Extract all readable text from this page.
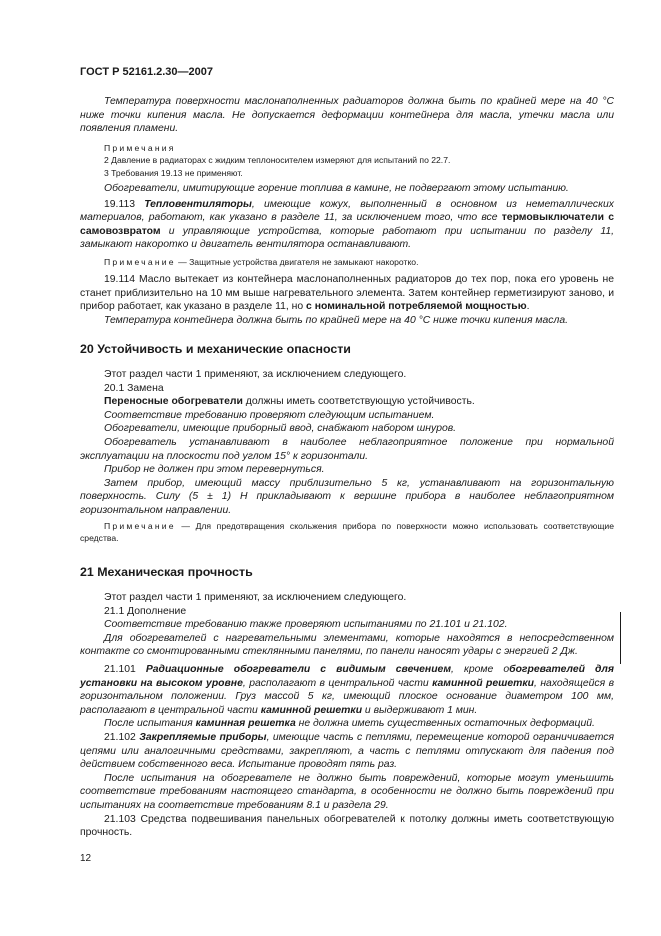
ГОСТ Р 52161.2.30—2007

Температура поверхности маслонаполненных радиаторов должна быть по крайней мере на 40 °С ниже точки кипения масла. Не допускается деформации контейнера для масла, утечки масла или появления пламени.

Примечания

2 Давление в радиаторах с жидким теплоносителем измеряют для испытаний по 22.7.

3 Требования 19.13 не применяют.

Обогреватели, имитирующие горение топлива в камине, не подвергают этому испытанию.

19.113 Тепловентиляторы, имеющие кожух, выполненный в основном из неметаллических материалов, работают, как указано в разделе 11, за исключением того, что все термовыключатели с самовозвратом и управляющие устройства, которые работают при испытании по разделу 11, замыкают накоротко и двигатель вентилятора останавливают.

Примечание — Защитные устройства двигателя не замыкают накоротко.

19.114 Масло вытекает из контейнера маслонаполненных радиаторов до тех пор, пока его уровень не станет приблизительно на 10 мм выше нагревательного элемента. Затем контейнер герметизируют заново, и прибор работает, как указано в разделе 11, но с номинальной потребляемой мощностью.

Температура контейнера должна быть по крайней мере на 40 °С ниже точки кипения масла.

20 Устойчивость и механические опасности

Этот раздел части 1 применяют, за исключением следующего.

20.1 Замена

Переносные обогреватели должны иметь соответствующую устойчивость.

Соответствие требованию проверяют следующим испытанием.

Обогреватели, имеющие приборный ввод, снабжают набором шнуров.

Обогреватель устанавливают в наиболее неблагоприятное положение при нормальной эксплуатации на плоскости под углом 15° к горизонтали.

Прибор не должен при этом перевернуться.

Затем прибор, имеющий массу приблизительно 5 кг, устанавливают на горизонтальную поверхность. Силу (5 ± 1) Н прикладывают к вершине прибора в наиболее неблагоприятном горизонтальном направлении.

Примечание — Для предотвращения скольжения прибора по поверхности можно использовать соответствующие средства.

21 Механическая прочность

Этот раздел части 1 применяют, за исключением следующего.

21.1 Дополнение

Соответствие требованию также проверяют испытаниями по 21.101 и 21.102.

Для обогревателей с нагревательными элементами, которые находятся в непосредственном контакте со смонтированными стеклянными панелями, по панели наносят удары с энергией 2 Дж.

21.101 Радиационные обогреватели с видимым свечением, кроме обогревателей для установки на высоком уровне, располагают в центральной части каминной решетки, находящейся в горизонтальном положении. Груз массой 5 кг, имеющий плоское основание диаметром 100 мм, располагают в центральной части каминной решетки и выдерживают 1 мин.

После испытания каминная решетка не должна иметь существенных остаточных деформаций.

21.102 Закрепляемые приборы, имеющие часть с петлями, перемещение которой ограничивается цепями или аналогичными средствами, закрепляют, а часть с петлями отпускают для падения под действием собственного веса. Испытание проводят пять раз.

После испытания на обогревателе не должно быть повреждений, которые могут уменьшить соответствие требованиям настоящего стандарта, в особенности не должно быть повреждений при испытаниях на соответствие требованиям 8.1 и раздела 29.

21.103 Средства подвешивания панельных обогревателей к потолку должны иметь соответствующую прочность.

12
